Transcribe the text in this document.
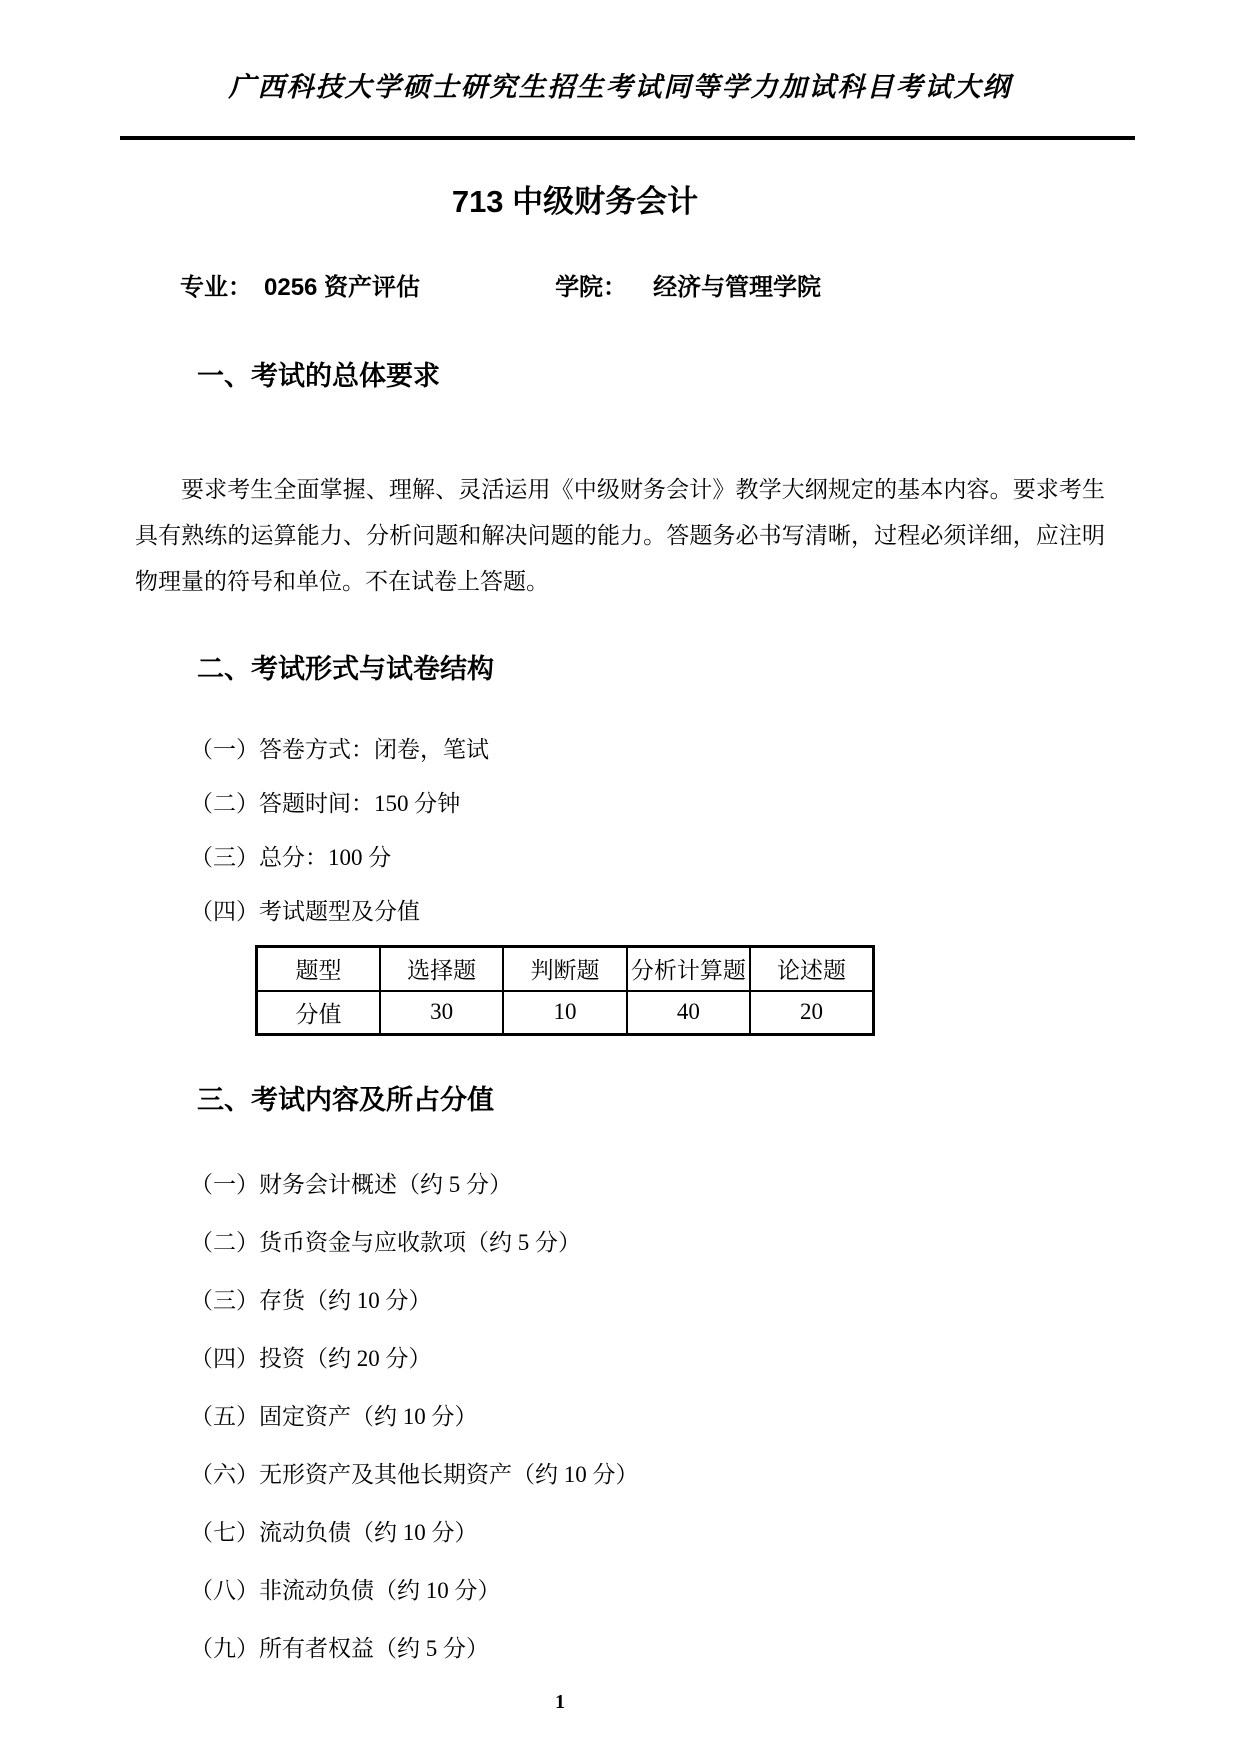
广西科技大学硕士研究生招生考试同等学力加试科目考试大纲
713 中级财务会计
专业： 0256 资产评估	学院： 经济与管理学院
一、考试的总体要求

要求考生全面掌握、理解、灵活运用《中级财务会计》教学大纲规定的基本内容。要求考生具有熟练的运算能力、分析问题和解决问题的能力。答题务必书写清晰，过程必须详细，应注明物理量的符号和单位。不在试卷上答题。

二、考试形式与试卷结构
（一）答卷方式：闭卷，笔试
（二）答题时间：150 分钟
（三）总分：100 分
（四）考试题型及分值
题型	选择题	判断题	分析计算题	论述题
分值	30	10	40	20
三、考试内容及所占分值
（一）财务会计概述（约 5 分）
（二）货币资金与应收款项（约 5 分）
（三）存货（约 10 分）
（四）投资（约 20 分）
（五）固定资产（约 10 分）
（六）无形资产及其他长期资产（约 10 分）
（七）流动负债（约 10 分）
（八）非流动负债（约 10 分）
（九）所有者权益（约 5 分）
1
